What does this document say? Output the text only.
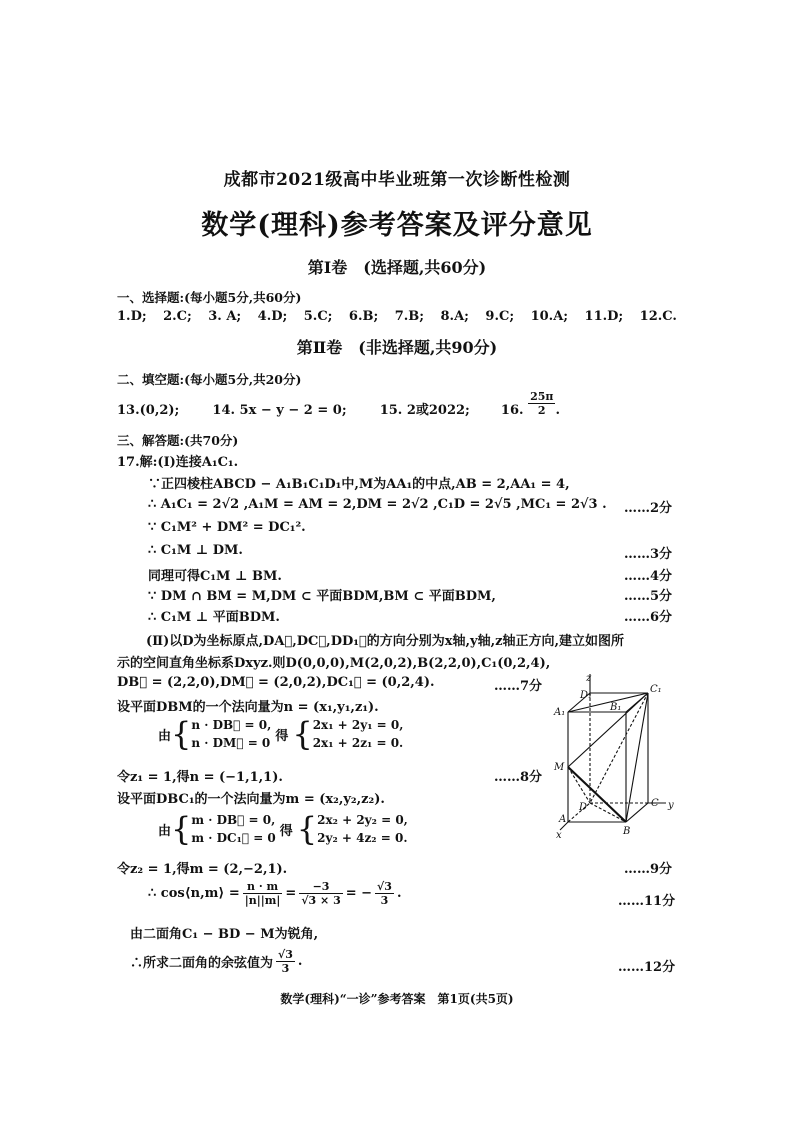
成都市2021级高中毕业班第一次诊断性检测
数学(理科)参考答案及评分意见
第Ⅰ卷　(选择题,共60分)
一、选择题:(每小题5分,共60分)
1.D; 2.C; 3. A; 4.D; 5.C; 6.B; 7.B; 8.A; 9.C; 10.A; 11.D; 12.C.
第Ⅱ卷　(非选择题,共90分)
二、填空题:(每小题5分,共20分)
13.(0,2);	14. 5x − y − 2 = 0;	15. 2或2022; 16. $\frac{25\pi}{2}$ .
三、解答题:(共70分)
17.解:(Ⅰ)连接A₁C₁.
∵正四棱柱ABCD − A₁B₁C₁D₁中,M为AA₁的中点,AB = 2,AA₁ = 4,
∴ A₁C₁ = 2√2 ,A₁M = AM = 2,DM = 2√2 ,C₁D = 2√5 ,MC₁ = 2√3 . ……2分
∵ C₁M² + DM² = DC₁².
∴ C₁M ⊥ DM.	……3分
同理可得C₁M ⊥ BM.	……4分
∵ DM ∩ BM = M,DM ⊂ 平面BDM,BM ⊂ 平面BDM,	……5分
∴ C₁M ⊥ 平面BDM.	……6分
(Ⅱ)以D为坐标原点,DA⃗,DC⃗,DD₁⃗的方向分别为x轴,y轴,z轴正方向,建立如图所
示的空间直角坐标系Dxyz.则D(0,0,0),M(2,0,2),B(2,2,0),C₁(0,2,4),
DB⃗ = (2,2,0),DM⃗ = (2,0,2),DC₁⃗ = (0,2,4).	……7分
设平面DBM的一个法向量为n = (x₁,y₁,z₁).
由 { n · DB⃗ = 0,
n · DM⃗ = 0 得 { 2x₁ + 2y₁ = 0,
2x₁ + 2z₁ = 0.
令z₁ = 1,得n = (−1,1,1).	……8分
设平面DBC₁的一个法向量为m = (x₂,y₂,z₂).
由 { m · DB⃗ = 0,
m · DC₁⃗ = 0 得 { 2x₂ + 2y₂ = 0,
2y₂ + 4z₂ = 0.
令z₂ = 1,得m = (2,−2,1).	……9分
∴ cos⟨n,m⟩ = $\frac{n \cdot m}{|n||m|} = \frac{-3}{√3 \times 3}$ = − $\frac{√3}{3}$ .
……11分
由二面角C₁ − BD − M为锐角,
∴所求二面角的余弦值为 $\frac{√3}{3}$ .	……12分
D₁
A₁	B₁
C₁
M
D	C
A
B
y
x
z
数学(理科)“一诊”参考答案　第1页(共5页)
